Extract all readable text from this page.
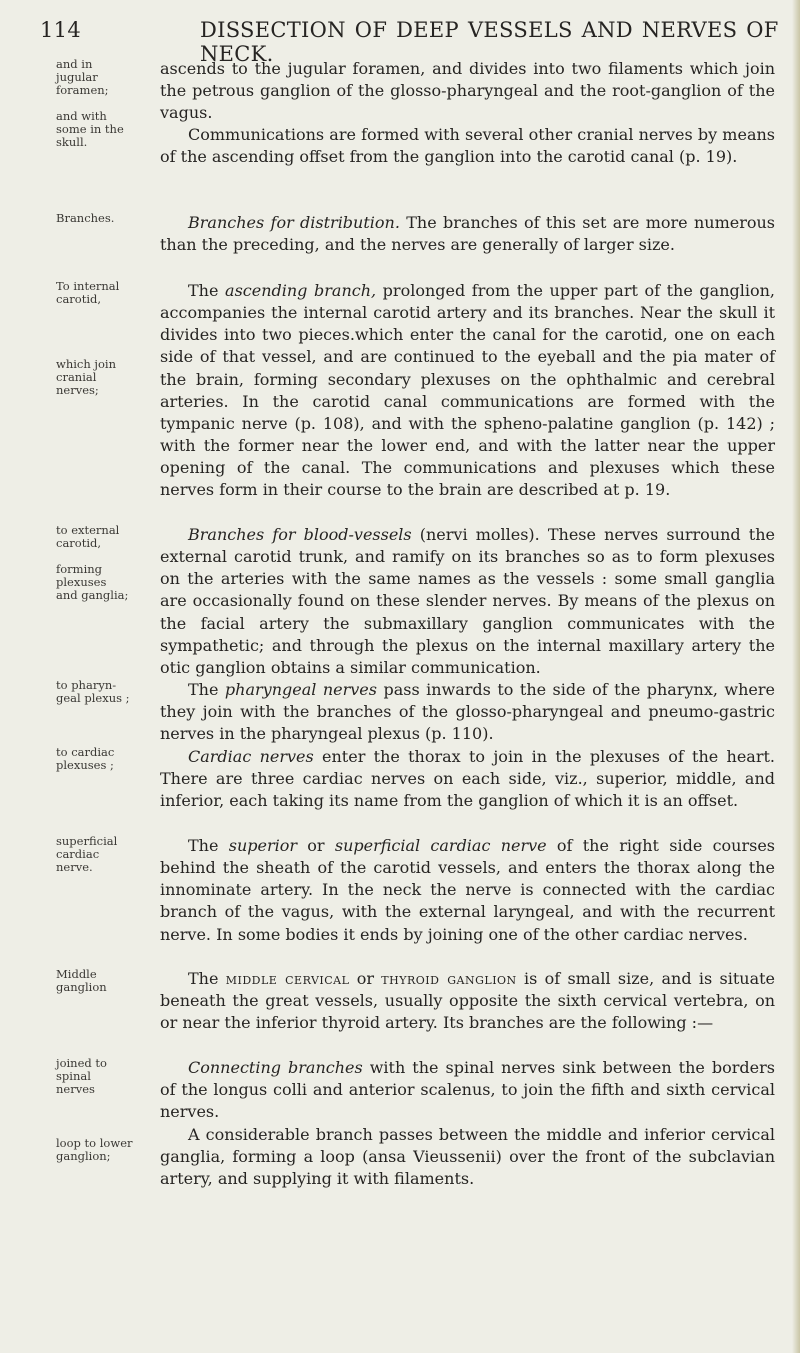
114	DISSECTION OF DEEP VESSELS AND NERVES OF NECK.
and in
jugular
foramen;

and with
some in the
skull.
ascends to the jugular foramen, and divides into two filaments which join the petrous ganglion of the glosso-pharyngeal and the root-ganglion of the vagus.
Communications are formed with several other cranial nerves by means of the ascending offset from the ganglion into the carotid canal (p. 19).
Branches.	Branches for distribution. The branches of this set are more numerous than the preceding, and the nerves are generally of larger size.
To internal
carotid,

which join
cranial
nerves;
The ascending branch, prolonged from the upper part of the ganglion, accompanies the internal carotid artery and its branches. Near the skull it divides into two pieces.which enter the canal for the carotid, one on each side of that vessel, and are continued to the eyeball and the pia mater of the brain, forming secondary plexuses on the ophthalmic and cerebral arteries. In the carotid canal communications are formed with the tympanic nerve (p. 108), and with the spheno-palatine ganglion (p. 142) ; with the former near the lower end, and with the latter near the upper opening of the canal. The communications and plexuses which these nerves form in their course to the brain are described at p. 19.
to external
carotid,

forming
plexuses
and ganglia;
Branches for blood-vessels (nervi molles). These nerves surround the external carotid trunk, and ramify on its branches so as to form plexuses on the arteries with the same names as the vessels : some small ganglia are occasionally found on these slender nerves. By means of the plexus on the facial artery the submaxillary ganglion communicates with the sympathetic; and through the plexus on the internal maxillary artery the otic ganglion obtains a similar communication.
to pharyn-
geal plexus ;	The pharyngeal nerves pass inwards to the side of the pharynx, where they join with the branches of the glosso-pharyngeal and pneumo-gastric nerves in the pharyngeal plexus (p. 110).
to cardiac
plexuses ;	Cardiac nerves enter the thorax to join in the plexuses of the heart. There are three cardiac nerves on each side, viz., superior, middle, and inferior, each taking its name from the ganglion of which it is an offset.
superficial
cardiac
nerve.
The superior or superficial cardiac nerve of the right side courses behind the sheath of the carotid vessels, and enters the thorax along the innominate artery. In the neck the nerve is connected with the cardiac branch of the vagus, with the external laryngeal, and with the recurrent nerve. In some bodies it ends by joining one of the other cardiac nerves.
Middle
ganglion	The middle cervical or thyroid ganglion is of small size, and is situate beneath the great vessels, usually opposite the sixth cervical vertebra, on or near the inferior thyroid artery. Its branches are the following :—
joined to
spinal
nerves
Connecting branches with the spinal nerves sink between the borders of the longus colli and anterior scalenus, to join the fifth and sixth cervical nerves.

loop to lower
ganglion;
A considerable branch passes between the middle and inferior cervical ganglia, forming a loop (ansa Vieussenii) over the front of the subclavian artery, and supplying it with filaments.
